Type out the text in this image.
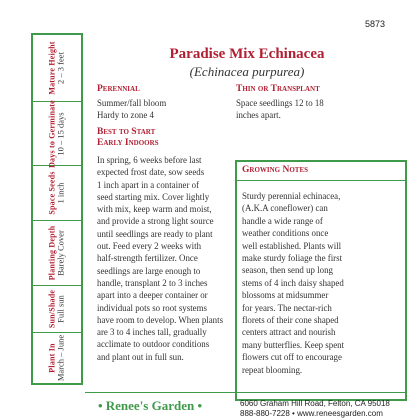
5873
Mature Height 2 – 3 feet
Days to Germinate 10 – 15 days
Space Seeds 1 inch
Planting Depth Barely Cover
Sun/Shade Full sun
Plant In March – June
Paradise Mix Echinacea
(Echinacea purpurea)
Perennial
Summer/fall bloom
Hardy to zone 4
Thin or Transplant
Space seedlings 12 to 18
inches apart.
Best to Start
Early Indoors
In spring, 6 weeks before last
expected frost date, sow seeds
1 inch apart in a container of
seed starting mix. Cover lightly
with mix, keep warm and moist,
and provide a strong light source
until seedlings are ready to plant
out. Feed every 2 weeks with
half-strength fertilizer. Once
seedlings are large enough to
handle, transplant 2 to 3 inches
apart into a deeper container or
individual pots so root systems
have room to develop. When plants
are 3 to 4 inches tall, gradually
acclimate to outdoor conditions
and plant out in full sun.
Growing Notes
Sturdy perennial echinacea,
(A.K.A coneflower) can
handle a wide range of
weather conditions once
well established. Plants will
make sturdy foliage the first
season, then send up long
stems of 4 inch daisy shaped
blossoms at midsummer
for years. The nectar-rich
florets of their cone shaped
centers attract and nourish
many butterflies. Keep spent
flowers cut off to encourage
repeat blooming.
• Renee's Garden •	6060 Graham Hill Road, Felton, CA 95018
888-880-7228 • www.reneesgarden.com
